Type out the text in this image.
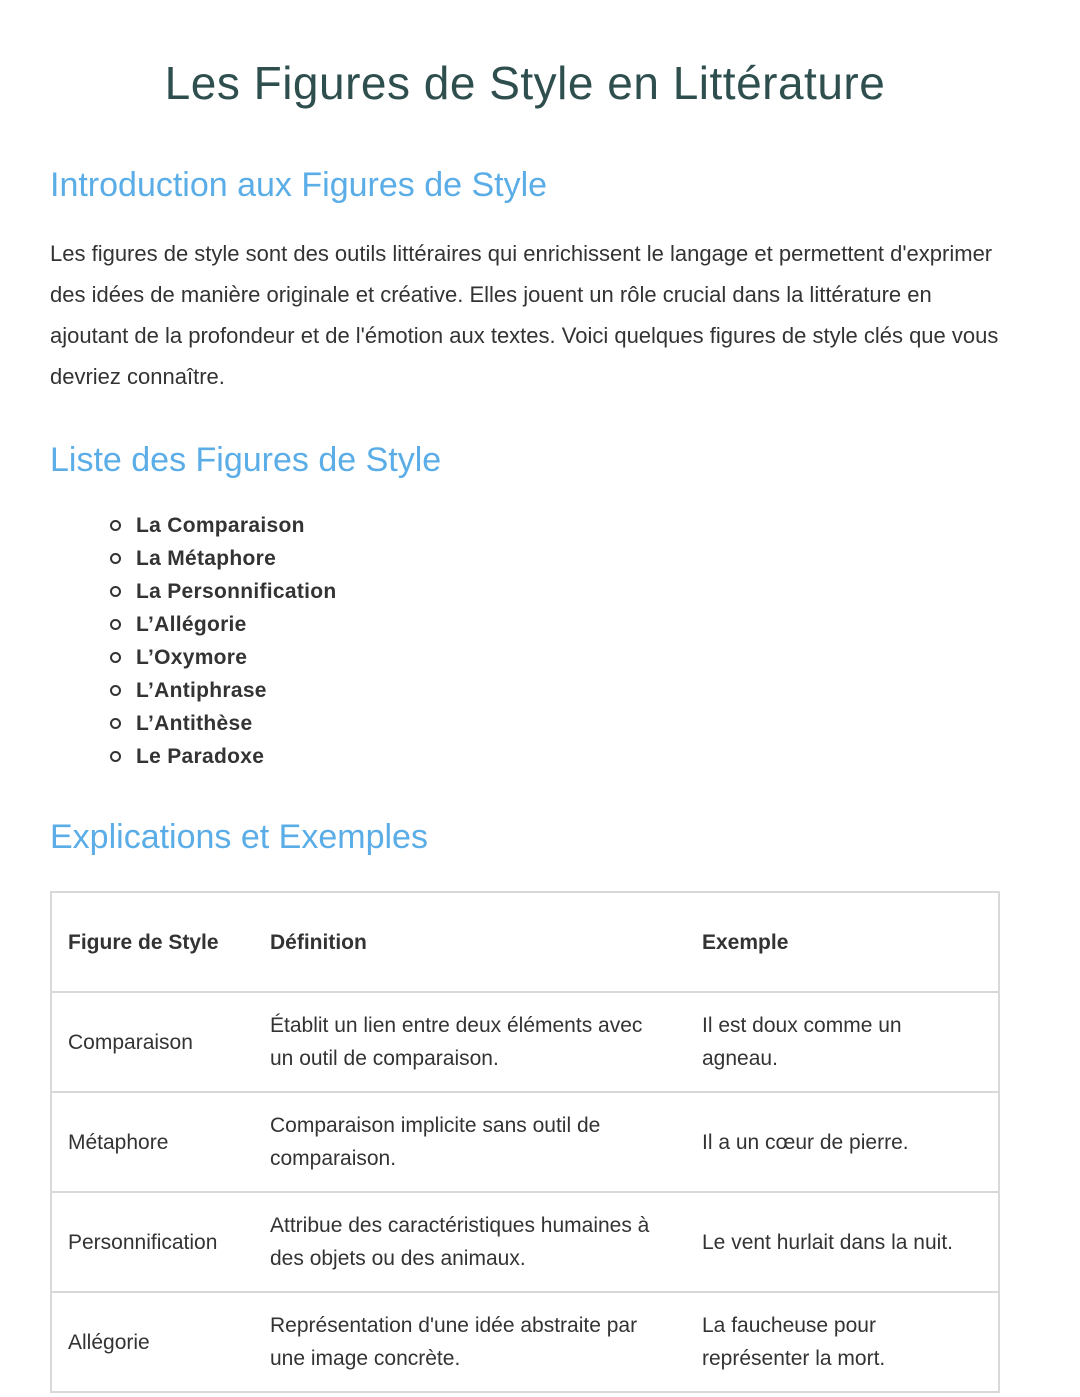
Les Figures de Style en Littérature
Introduction aux Figures de Style

Les figures de style sont des outils littéraires qui enrichissent le langage et permettent d'exprimer des idées de manière originale et créative. Elles jouent un rôle crucial dans la littérature en ajoutant de la profondeur et de l'émotion aux textes. Voici quelques figures de style clés que vous devriez connaître.

Liste des Figures de Style
La Comparaison
La Métaphore
La Personnification
L’Allégorie
L’Oxymore
L’Antiphrase
L’Antithèse
Le Paradoxe
Explications et Exemples
Figure de Style	Définition	Exemple
Comparaison	Établit un lien entre deux éléments avec un outil de comparaison.	Il est doux comme un agneau.
Métaphore	Comparaison implicite sans outil de comparaison.	Il a un cœur de pierre.
Personnification	Attribue des caractéristiques humaines à des objets ou des animaux.	Le vent hurlait dans la nuit.
Allégorie	Représentation d'une idée abstraite par une image concrète.	La faucheuse pour représenter la mort.
